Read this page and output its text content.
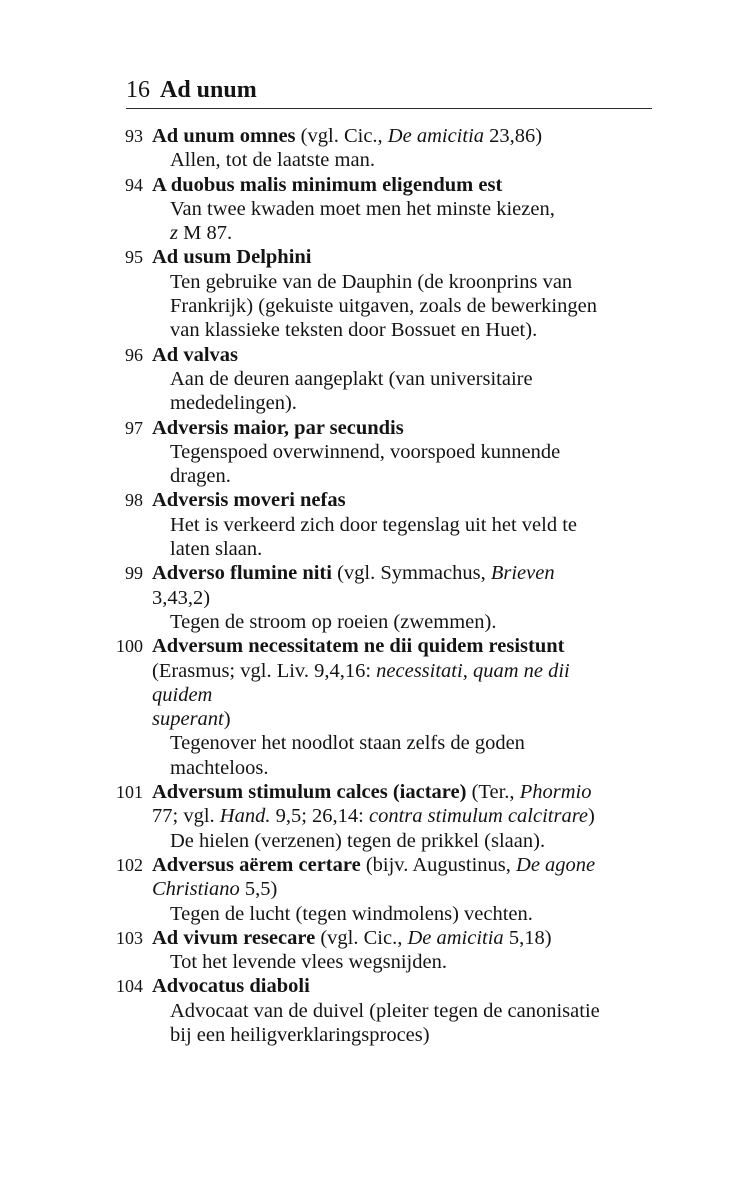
16 Ad unum
93 Ad unum omnes (vgl. Cic., De amicitia 23,86)
Allen, tot de laatste man.
94 A duobus malis minimum eligendum est
Van twee kwaden moet men het minste kiezen,
z M 87.
95 Ad usum Delphini
Ten gebruike van de Dauphin (de kroonprins van
Frankrijk) (gekuiste uitgaven, zoals de bewerkingen
van klassieke teksten door Bossuet en Huet).
96 Ad valvas
Aan de deuren aangeplakt (van universitaire
mededelingen).
97 Adversis maior, par secundis
Tegenspoed overwinnend, voorspoed kunnende
dragen.
98 Adversis moveri nefas
Het is verkeerd zich door tegenslag uit het veld te
laten slaan.
99 Adverso flumine niti (vgl. Symmachus, Brieven
3,43,2)
Tegen de stroom op roeien (zwemmen).
100 Adversum necessitatem ne dii quidem resistunt
(Erasmus; vgl. Liv. 9,4,16: necessitati, quam ne dii quidem
superant)
Tegenover het noodlot staan zelfs de goden machteloos.
101 Adversum stimulum calces (iactare) (Ter., Phormio
77; vgl. Hand. 9,5; 26,14: contra stimulum calcitrare)
De hielen (verzenen) tegen de prikkel (slaan).
102 Adversus aërem certare (bijv. Augustinus, De agone
Christiano 5,5)
Tegen de lucht (tegen windmolens) vechten.
103 Ad vivum resecare (vgl. Cic., De amicitia 5,18)
Tot het levende vlees wegsnijden.
104 Advocatus diaboli
Advocaat van de duivel (pleiter tegen de canonisatie
bij een heiligverklaringsproces)
